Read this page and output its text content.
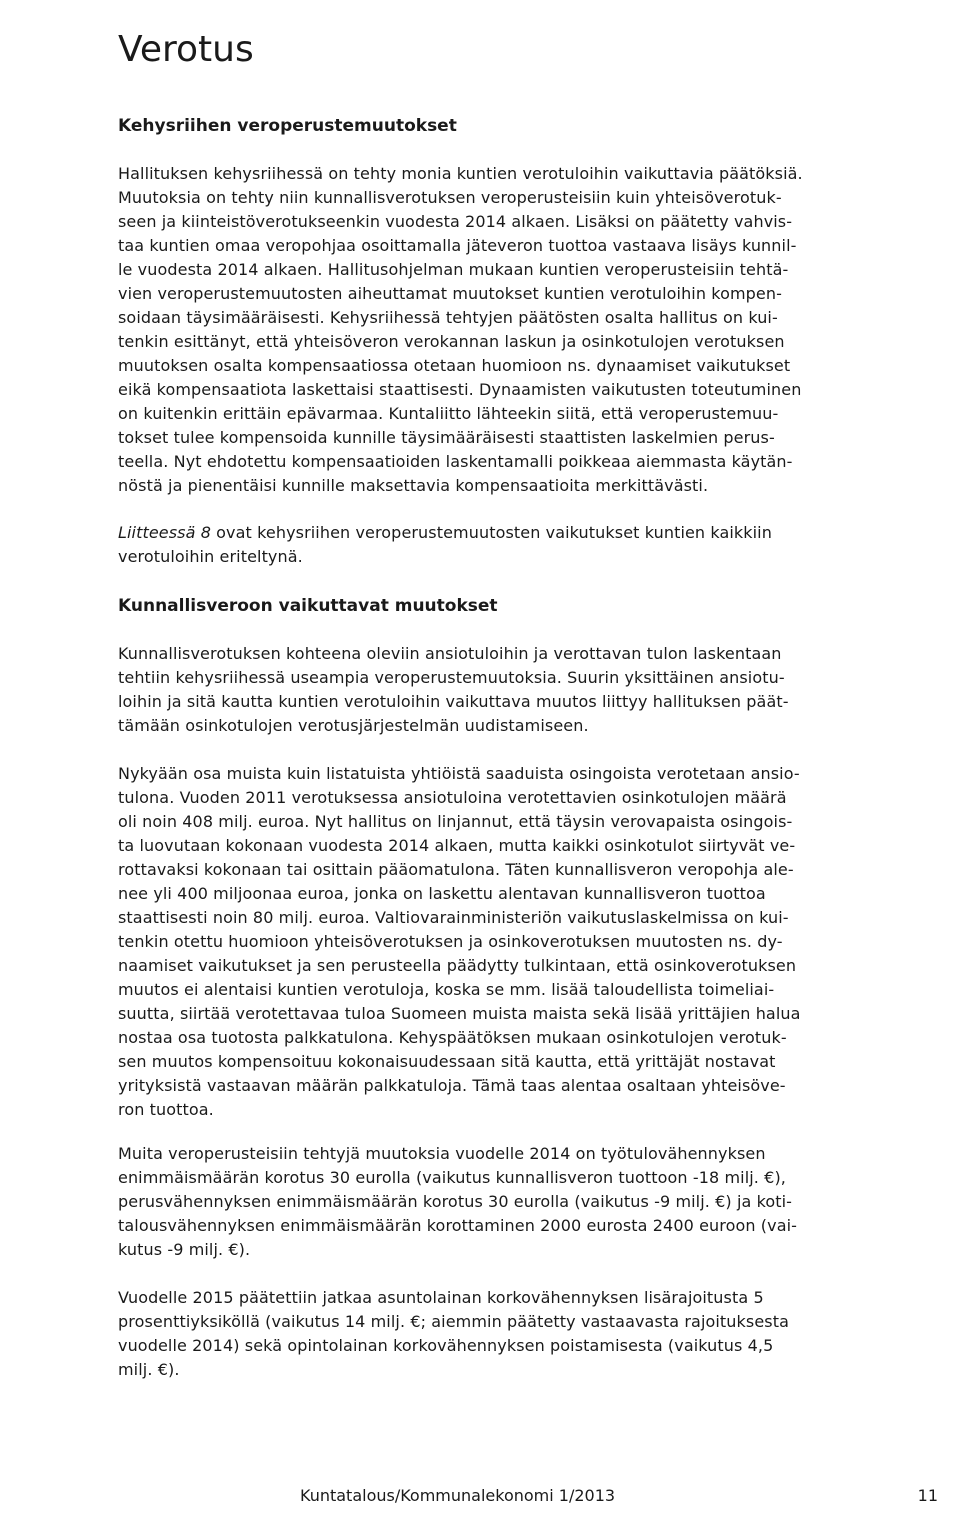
Verotus
Kehysriihen veroperustemuutokset
Hallituksen kehysriihessä on tehty monia kuntien verotuloihin vaikuttavia päätöksiä.
Muutoksia on tehty niin kunnallisverotuksen veroperusteisiin kuin yhteisöverotuk-
seen ja kiinteistöverotukseenkin vuodesta 2014 alkaen. Lisäksi on päätetty vahvis-
taa kuntien omaa veropohjaa osoittamalla jäteveron tuottoa vastaava lisäys kunnil-
le vuodesta 2014 alkaen. Hallitusohjelman mukaan kuntien veroperusteisiin tehtä-
vien veroperustemuutosten aiheuttamat muutokset kuntien verotuloihin kompen-
soidaan täysimääräisesti. Kehysriihessä tehtyjen päätösten osalta hallitus on kui-
tenkin esittänyt, että yhteisöveron verokannan laskun ja osinkotulojen verotuksen
muutoksen osalta kompensaatiossa otetaan huomioon ns. dynaamiset vaikutukset
eikä kompensaatiota laskettaisi staattisesti. Dynaamisten vaikutusten toteutuminen
on kuitenkin erittäin epävarmaa. Kuntaliitto lähteekin siitä, että veroperustemuu-
tokset tulee kompensoida kunnille täysimääräisesti staattisten laskelmien perus-
teella. Nyt ehdotettu kompensaatioiden laskentamalli poikkeaa aiemmasta käytän-
nöstä ja pienentäisi kunnille maksettavia kompensaatioita merkittävästi.
Liitteessä 8 ovat kehysriihen veroperustemuutosten vaikutukset kuntien kaikkiin
verotuloihin eriteltynä.
Kunnallisveroon vaikuttavat muutokset
Kunnallisverotuksen kohteena oleviin ansiotuloihin ja verottavan tulon laskentaan
tehtiin kehysriihessä useampia veroperustemuutoksia. Suurin yksittäinen ansiotu-
loihin ja sitä kautta kuntien verotuloihin vaikuttava muutos liittyy hallituksen päät-
tämään osinkotulojen verotusjärjestelmän uudistamiseen.
Nykyään osa muista kuin listatuista yhtiöistä saaduista osingoista verotetaan ansio-
tulona. Vuoden 2011 verotuksessa ansiotuloina verotettavien osinkotulojen määrä
oli noin 408 milj. euroa. Nyt hallitus on linjannut, että täysin verovapaista osingois-
ta luovutaan kokonaan vuodesta 2014 alkaen, mutta kaikki osinkotulot siirtyvät ve-
rottavaksi kokonaan tai osittain pääomatulona. Täten kunnallisveron veropohja ale-
nee yli 400 miljoonaa euroa, jonka on laskettu alentavan kunnallisveron tuottoa
staattisesti noin 80 milj. euroa. Valtiovarainministeriön vaikutuslaskelmissa on kui-
tenkin otettu huomioon yhteisöverotuksen ja osinkoverotuksen muutosten ns. dy-
naamiset vaikutukset ja sen perusteella päädytty tulkintaan, että osinkoverotuksen
muutos ei alentaisi kuntien verotuloja, koska se mm. lisää taloudellista toimeliai-
suutta, siirtää verotettavaa tuloa Suomeen muista maista sekä lisää yrittäjien halua
nostaa osa tuotosta palkkatulona. Kehyspäätöksen mukaan osinkotulojen verotuk-
sen muutos kompensoituu kokonaisuudessaan sitä kautta, että yrittäjät nostavat
yrityksistä vastaavan määrän palkkatuloja. Tämä taas alentaa osaltaan yhteisöve-
ron tuottoa.
Muita veroperusteisiin tehtyjä muutoksia vuodelle 2014 on työtulovähennyksen
enimmäismäärän korotus 30 eurolla (vaikutus kunnallisveron tuottoon -18 milj. €),
perusvähennyksen enimmäismäärän korotus 30 eurolla (vaikutus -9 milj. €) ja koti-
talousvähennyksen enimmäismäärän korottaminen 2000 eurosta 2400 euroon (vai-
kutus -9 milj. €).
Vuodelle 2015 päätettiin jatkaa asuntolainan korkovähennyksen lisärajoitusta 5
prosenttiyksiköllä (vaikutus 14 milj. €; aiemmin päätetty vastaavasta rajoituksesta
vuodelle 2014) sekä opintolainan korkovähennyksen poistamisesta (vaikutus 4,5
milj. €).
Kuntatalous/Kommunalekonomi 1/2013	11
